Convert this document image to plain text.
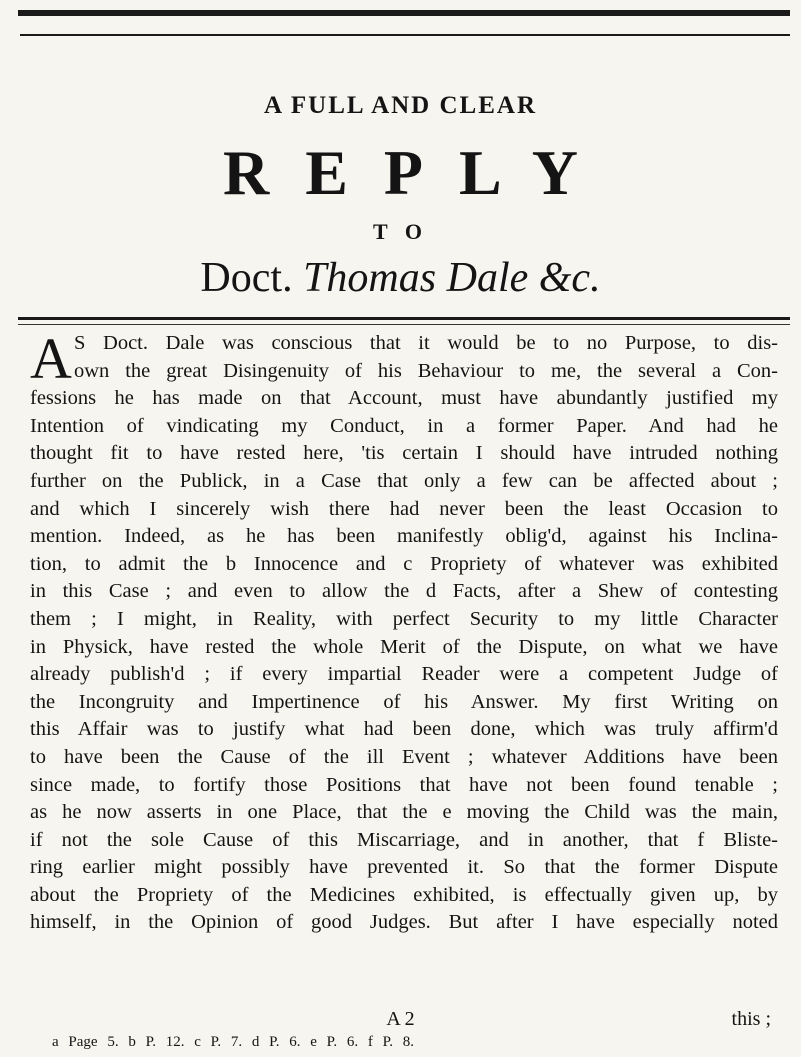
A FULL AND CLEAR
REPLY
T O
Doct. Thomas Dale &c.
A S Doct. Dale was conscious that it would be to no Purpose, to dis-
own the great Disingenuity of his Behaviour to me, the several a Con-
fessions he has made on that Account, must have abundantly justified my
Intention of vindicating my Conduct, in a former Paper. And had he
thought fit to have rested here, 'tis certain I should have intruded nothing
further on the Publick, in a Case that only a few can be affected about ;
and which I sincerely wish there had never been the least Occasion to
mention. Indeed, as he has been manifestly oblig'd, against his Inclina-
tion, to admit the b Innocence and c Propriety of whatever was exhibited
in this Case ; and even to allow the d Facts, after a Shew of contesting
them ; I might, in Reality, with perfect Security to my little Character
in Physick, have rested the whole Merit of the Dispute, on what we have
already publish'd ; if every impartial Reader were a competent Judge of
the Incongruity and Impertinence of his Answer. My first Writing on
this Affair was to justify what had been done, which was truly affirm'd
to have been the Cause of the ill Event ; whatever Additions have been
since made, to fortify those Positions that have not been found tenable ;
as he now asserts in one Place, that the e moving the Child was the main,
if not the sole Cause of this Miscarriage, and in another, that f Bliste-
ring earlier might possibly have prevented it. So that the former Dispute
about the Propriety of the Medicines exhibited, is effectually given up, by
himself, in the Opinion of good Judges. But after I have especially noted
A 2	this ;
a Page 5. b P. 12. c P. 7. d P. 6. e P. 6. f P. 8.
